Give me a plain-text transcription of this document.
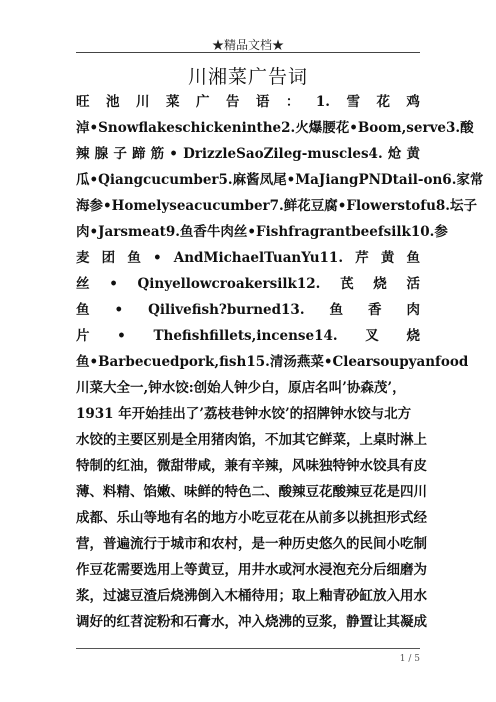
★精品文档★
川湘菜广告词
旺 池 川 菜 广 告 语 ： 1. 雪 花 鸡
淖•Snowflakeschickeninthe2.火爆腰花•Boom,serve3.酸
辣 腺 子 蹄 筋 • DrizzleSaoZileg-muscles4. 炝 黄
瓜•Qiangcucumber5.麻酱凤尾•MaJiangPNDtail-on6.家常
海参•Homelyseacucumber7.鲜花豆腐•Flowerstofu8.坛子
肉•Jarsmeat9.鱼香牛肉丝•Fishfragrantbeefsilk10.参
麦 团 鱼 • AndMichaelTuanYu11. 芹 黄 鱼
丝 • Qinyellowcroakersilk12. 芪 烧 活
鱼 • Qilivefish?burned13. 鱼 香 肉
片 • Thefishfillets,incense14. 叉 烧
鱼•Barbecuedpork,fish15.清汤燕菜•Clearsoupyanfood
川菜大全一,钟水饺:创始人钟少白，原店名叫’协森茂’，
1931 年开始挂出了’荔枝巷钟水饺’的招牌钟水饺与北方
水饺的主要区别是全用猪肉馅，不加其它鲜菜，上桌时淋上
特制的红油，微甜带咸，兼有辛辣，风味独特钟水饺具有皮
薄、料精、馅嫩、味鲜的特色二、酸辣豆花酸辣豆花是四川
成都、乐山等地有名的地方小吃豆花在从前多以挑担形式经
营，普遍流行于城市和农村，是一种历史悠久的民间小吃制
作豆花需要选用上等黄豆，用井水或河水浸泡充分后细磨为
浆，过滤豆渣后烧沸倒入木桶待用；取上釉青砂缸放入用水
调好的红苕淀粉和石膏水，冲入烧沸的豆浆，静置让其凝成
1 / 5
